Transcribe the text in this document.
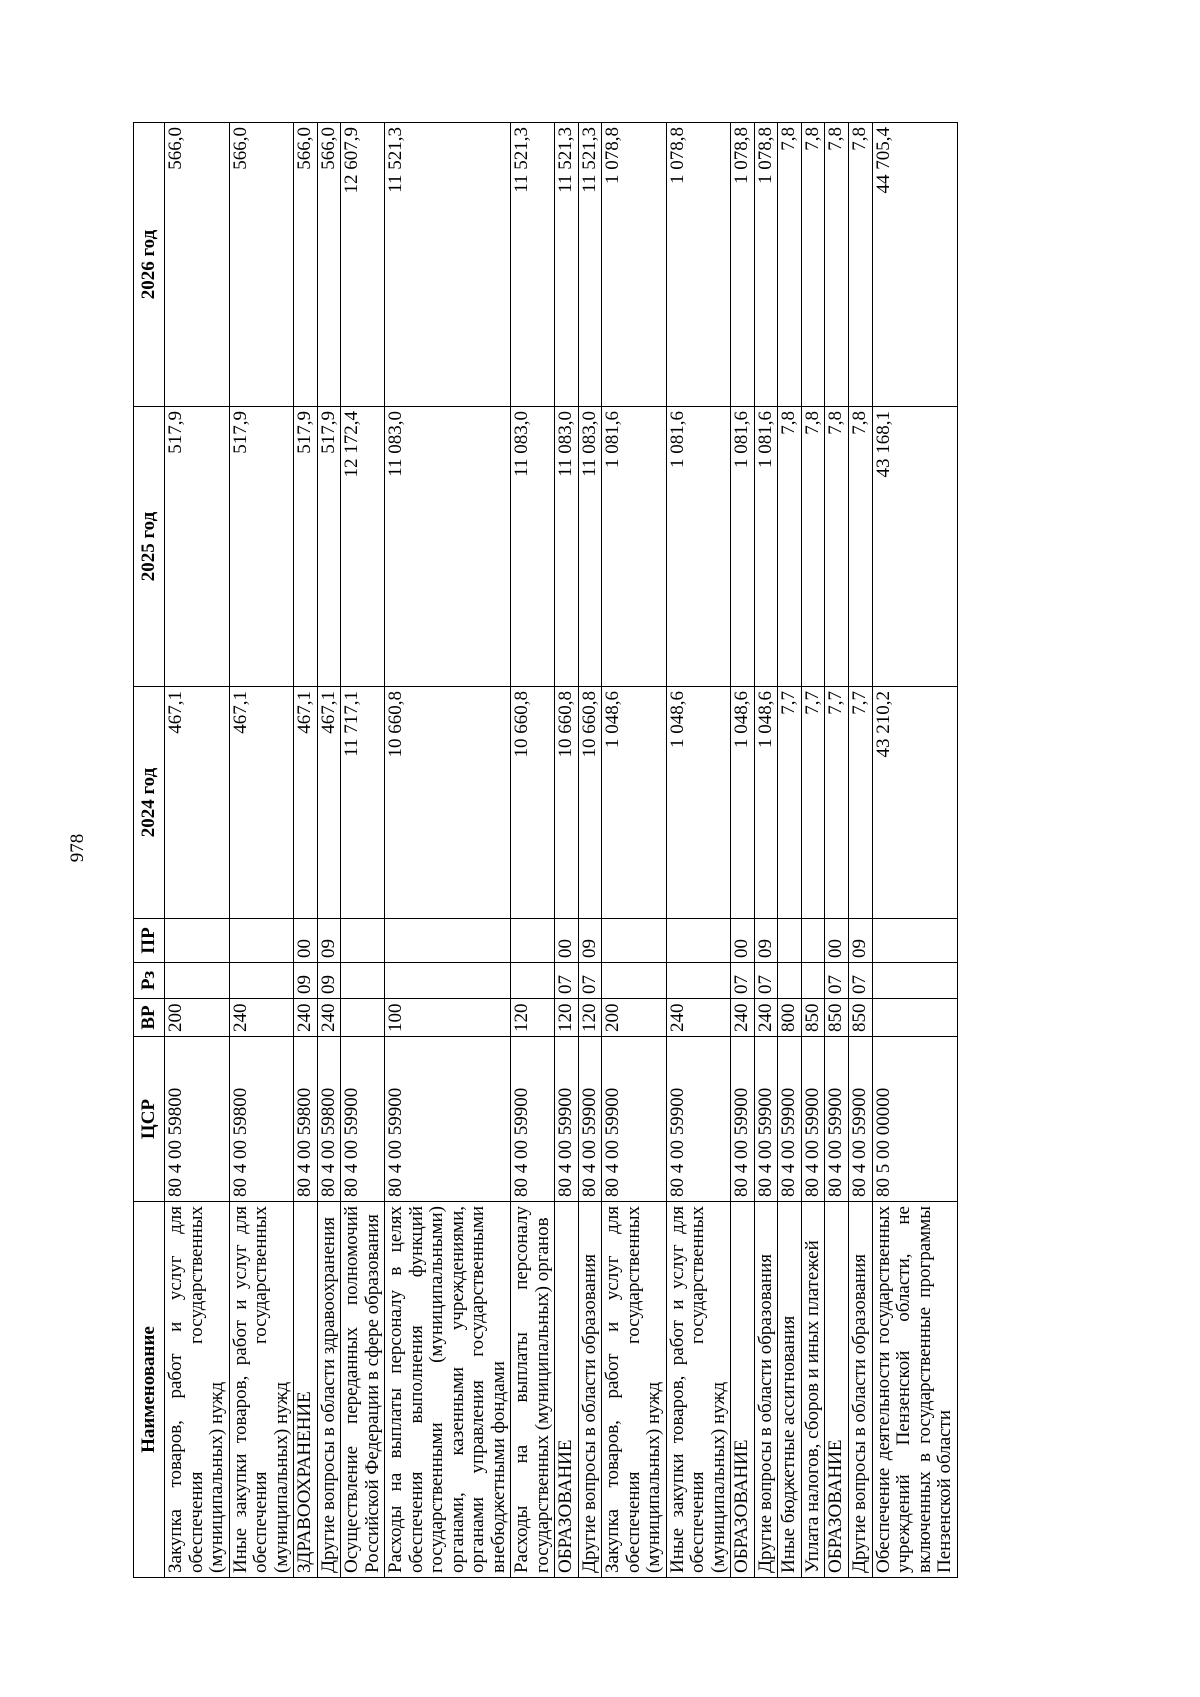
978
Наименование	ЦСР	ВР	Рз	ПР	2024 год	2025 год	2026 год
Закупка товаров, работ и услуг для обеспечения государственных (муниципальных) нужд	80 4 00 59800	200			467,1	517,9	566,0
Иные закупки товаров, работ и услуг для обеспечения государственных (муниципальных) нужд	80 4 00 59800	240			467,1	517,9	566,0
ЗДРАВООХРАНЕНИЕ	80 4 00 59800	240	09	00	467,1	517,9	566,0
Другие вопросы в области здравоохранения	80 4 00 59800	240	09	09	467,1	517,9	566,0
Осуществление переданных полномочий Российской Федерации в сфере образования	80 4 00 59900				11 717,1	12 172,4	12 607,9
Расходы на выплаты персоналу в целях обеспечения выполнения функций государственными (муниципальными) органами, казенными учреждениями, органами управления государственными внебюджетными фондами	80 4 00 59900	100			10 660,8	11 083,0	11 521,3
Расходы на выплаты персоналу государственных (муниципальных) органов	80 4 00 59900	120			10 660,8	11 083,0	11 521,3
ОБРАЗОВАНИЕ	80 4 00 59900	120	07	00	10 660,8	11 083,0	11 521,3
Другие вопросы в области образования	80 4 00 59900	120	07	09	10 660,8	11 083,0	11 521,3
Закупка товаров, работ и услуг для обеспечения государственных (муниципальных) нужд	80 4 00 59900	200			1 048,6	1 081,6	1 078,8
Иные закупки товаров, работ и услуг для обеспечения государственных (муниципальных) нужд	80 4 00 59900	240			1 048,6	1 081,6	1 078,8
ОБРАЗОВАНИЕ	80 4 00 59900	240	07	00	1 048,6	1 081,6	1 078,8
Другие вопросы в области образования	80 4 00 59900	240	07	09	1 048,6	1 081,6	1 078,8
Иные бюджетные ассигнования	80 4 00 59900	800			7,7	7,8	7,8
Уплата налогов, сборов и иных платежей	80 4 00 59900	850			7,7	7,8	7,8
ОБРАЗОВАНИЕ	80 4 00 59900	850	07	00	7,7	7,8	7,8
Другие вопросы в области образования	80 4 00 59900	850	07	09	7,7	7,8	7,8
Обеспечение деятельности государственных учреждений Пензенской области, не включенных в государственные программы Пензенской области	80 5 00 00000				43 210,2	43 168,1	44 705,4
